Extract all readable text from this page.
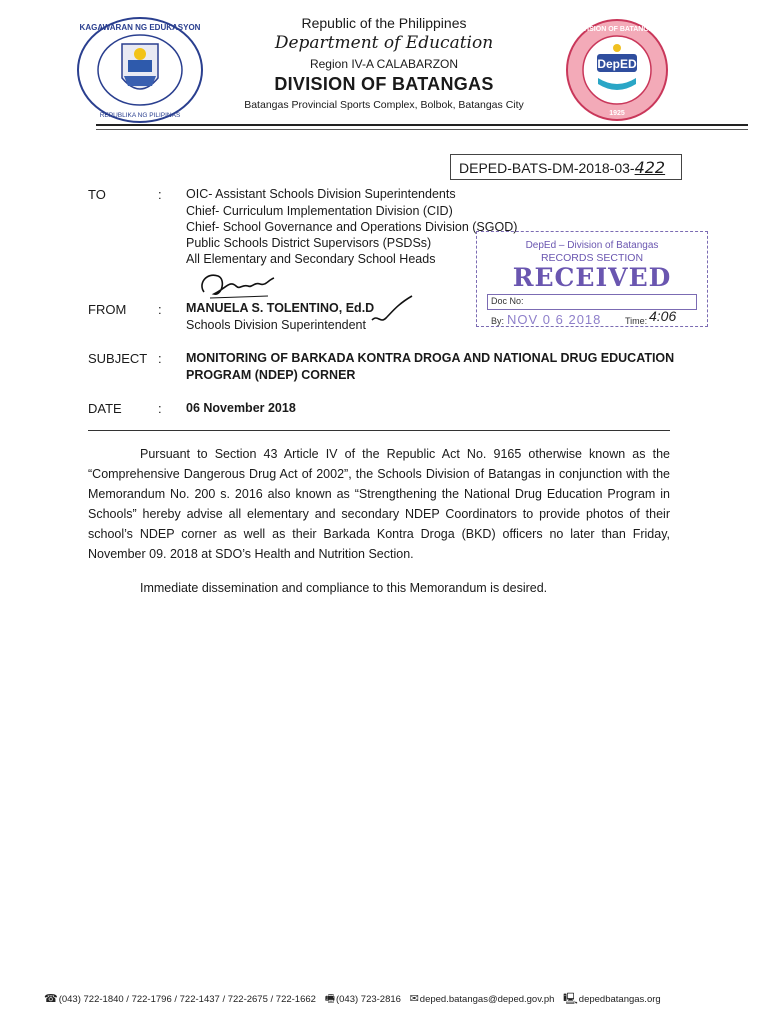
KAGAWARAN NG EDUKASYON
REPUBLIKA NG PILIPINAS
Republic of the Philippines
Department of Education
Region IV-A CALABARZON
DIVISION OF BATANGAS
Batangas Provincial Sports Complex, Bolbok, Batangas City
DepED
DIVISION OF BATANGAS
1925
DEPED-BATS-DM-2018-03-422
TO	: OIC- Assistant Schools Division Superintendents
Chief- Curriculum Implementation Division (CID)
Chief- School Governance and Operations Division (SGOD)
Public Schools District Supervisors (PSDSs)
All Elementary and Secondary School Heads
FROM : MANUELA S. TOLENTINO, Ed.D
Schools Division Superintendent
DepEd – Division of Batangas
RECORDS SECTION
RECEIVED
Doc No:
By: NOV 0 6 2018	Time: 4:06
SUBJECT : MONITORING OF BARKADA KONTRA DROGA AND NATIONAL DRUG EDUCATION
PROGRAM (NDEP) CORNER
DATE	: 06 November 2018
Pursuant to Section 43 Article IV of the Republic Act No. 9165 otherwise known as the “Comprehensive Dangerous Drug Act of 2002”, the Schools Division of Batangas in conjunction with the Memorandum No. 200 s. 2016 also known as “Strengthening the National Drug Education Program in Schools” hereby advise all elementary and secondary NDEP Coordinators to provide photos of their school’s NDEP corner as well as their Barkada Kontra Droga (BKD) officers no later than Friday, November 09. 2018 at SDO’s Health and Nutrition Section.
Immediate dissemination and compliance to this Memorandum is desired.
☎(043) 722-1840 / 722-1796 / 722-1437 / 722-2675 / 722-1662 🖷(043) 723-2816 ✉deped.batangas@deped.gov.ph 🖳depedbatangas.org
